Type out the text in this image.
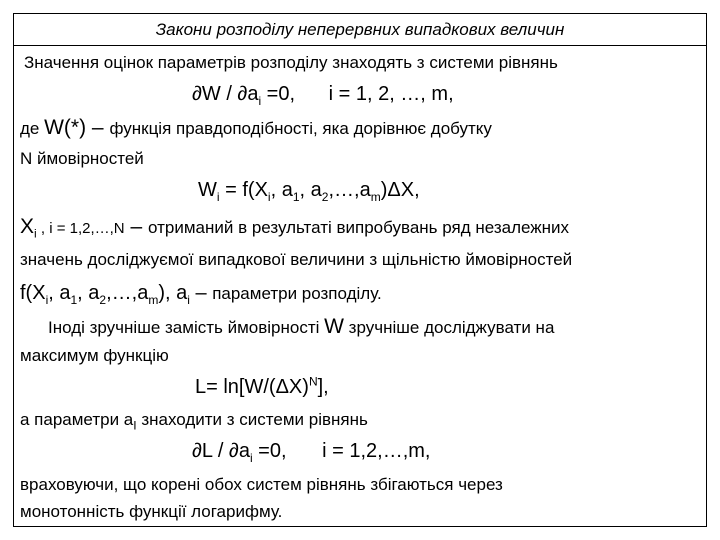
Закони розподілу неперервних випадкових величин
Значення оцінок параметрів розподілу знаходять з системи рівнянь
$\partial W / \partial a_i =0$, i = 1, 2, …, m,
де W(*) – функція правдоподібності, яка дорівнює добутку
N ймовірностей
$W_i = f(X_i$, $a_1$, $a_2,\dots,a_m)\Delta X$,
$X_i$ , i = 1,2,…,N – отриманий в результаті випробувань ряд незалежних
значень досліджуємої випадкової величини з щільністю ймовірностей
$f(X_i$, $a_1$, $a_2,\dots,a_m$), $a_i$ – параметри розподілу.
Іноді зручніше замість ймовірності W зручніше досліджувати на
максимум функцію
$L= \ln[W/(\Delta X)^N]$,
а параметри $a_I$ знаходити з системи рівнянь
$\partial L / \partial a_i =0$, i = 1,2,…,m,
враховуючи, що корені обох систем рівнянь збігаються через
монотонність функції логарифму.
